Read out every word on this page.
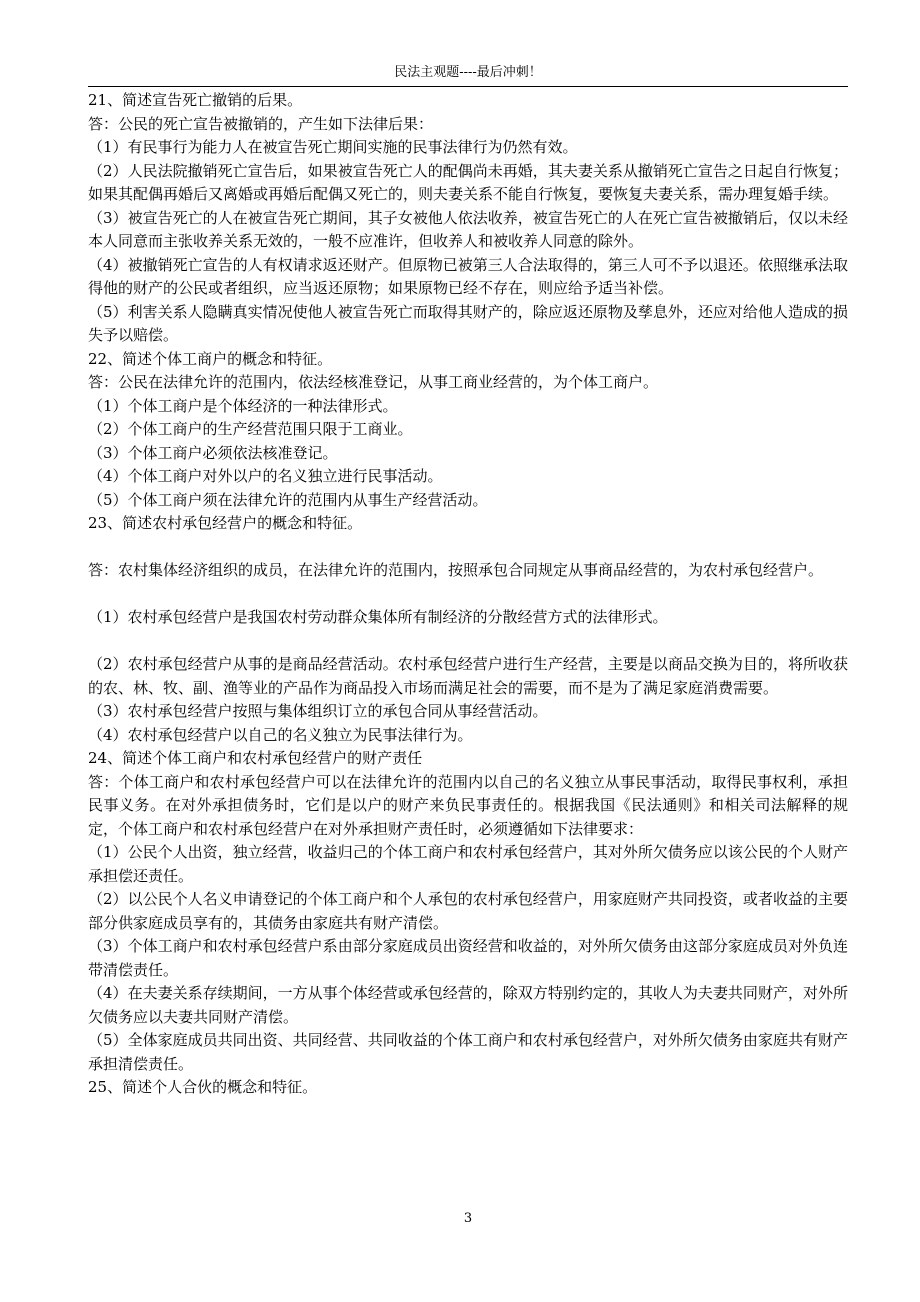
民法主观题----最后冲刺！

21、简述宣告死亡撤销的后果。

答：公民的死亡宣告被撤销的，产生如下法律后果：

（1）有民事行为能力人在被宣告死亡期间实施的民事法律行为仍然有效。

（2）人民法院撤销死亡宣告后，如果被宣告死亡人的配偶尚未再婚，其夫妻关系从撤销死亡宣告之日起自行恢复；如果其配偶再婚后又离婚或再婚后配偶又死亡的，则夫妻关系不能自行恢复，要恢复夫妻关系，需办理复婚手续。

（3）被宣告死亡的人在被宣告死亡期间，其子女被他人依法收养，被宣告死亡的人在死亡宣告被撤销后，仅以未经本人同意而主张收养关系无效的，一般不应准许，但收养人和被收养人同意的除外。

（4）被撤销死亡宣告的人有权请求返还财产。但原物已被第三人合法取得的，第三人可不予以退还。依照继承法取得他的财产的公民或者组织，应当返还原物；如果原物已经不存在，则应给予适当补偿。

（5）利害关系人隐瞒真实情况使他人被宣告死亡而取得其财产的，除应返还原物及孳息外，还应对给他人造成的损失予以赔偿。

22、简述个体工商户的概念和特征。

答：公民在法律允许的范围内，依法经核准登记，从事工商业经营的，为个体工商户。

（1）个体工商户是个体经济的一种法律形式。

（2）个体工商户的生产经营范围只限于工商业。

（3）个体工商户必须依法核准登记。

（4）个体工商户对外以户的名义独立进行民事活动。

（5）个体工商户须在法律允许的范围内从事生产经营活动。

23、简述农村承包经营户的概念和特征。

答：农村集体经济组织的成员，在法律允许的范围内，按照承包合同规定从事商品经营的，为农村承包经营户。

（1）农村承包经营户是我国农村劳动群众集体所有制经济的分散经营方式的法律形式。

（2）农村承包经营户从事的是商品经营活动。农村承包经营户进行生产经营，主要是以商品交换为目的，将所收获的农、林、牧、副、渔等业的产品作为商品投入市场而满足社会的需要，而不是为了满足家庭消费需要。

（3）农村承包经营户按照与集体组织订立的承包合同从事经营活动。

（4）农村承包经营户以自己的名义独立为民事法律行为。

24、简述个体工商户和农村承包经营户的财产责任

答：个体工商户和农村承包经营户可以在法律允许的范围内以自己的名义独立从事民事活动，取得民事权利，承担民事义务。在对外承担债务时，它们是以户的财产来负民事责任的。根据我国《民法通则》和相关司法解释的规定，个体工商户和农村承包经营户在对外承担财产责任时，必须遵循如下法律要求：

（1）公民个人出资，独立经营，收益归己的个体工商户和农村承包经营户，其对外所欠债务应以该公民的个人财产承担偿还责任。

（2）以公民个人名义申请登记的个体工商户和个人承包的农村承包经营户，用家庭财产共同投资，或者收益的主要部分供家庭成员享有的，其债务由家庭共有财产清偿。

（3）个体工商户和农村承包经营户系由部分家庭成员出资经营和收益的，对外所欠债务由这部分家庭成员对外负连带清偿责任。

（4）在夫妻关系存续期间，一方从事个体经营或承包经营的，除双方特别约定的，其收人为夫妻共同财产，对外所欠债务应以夫妻共同财产清偿。

（5）全体家庭成员共同出资、共同经营、共同收益的个体工商户和农村承包经营户，对外所欠债务由家庭共有财产承担清偿责任。

25、简述个人合伙的概念和特征。

3
